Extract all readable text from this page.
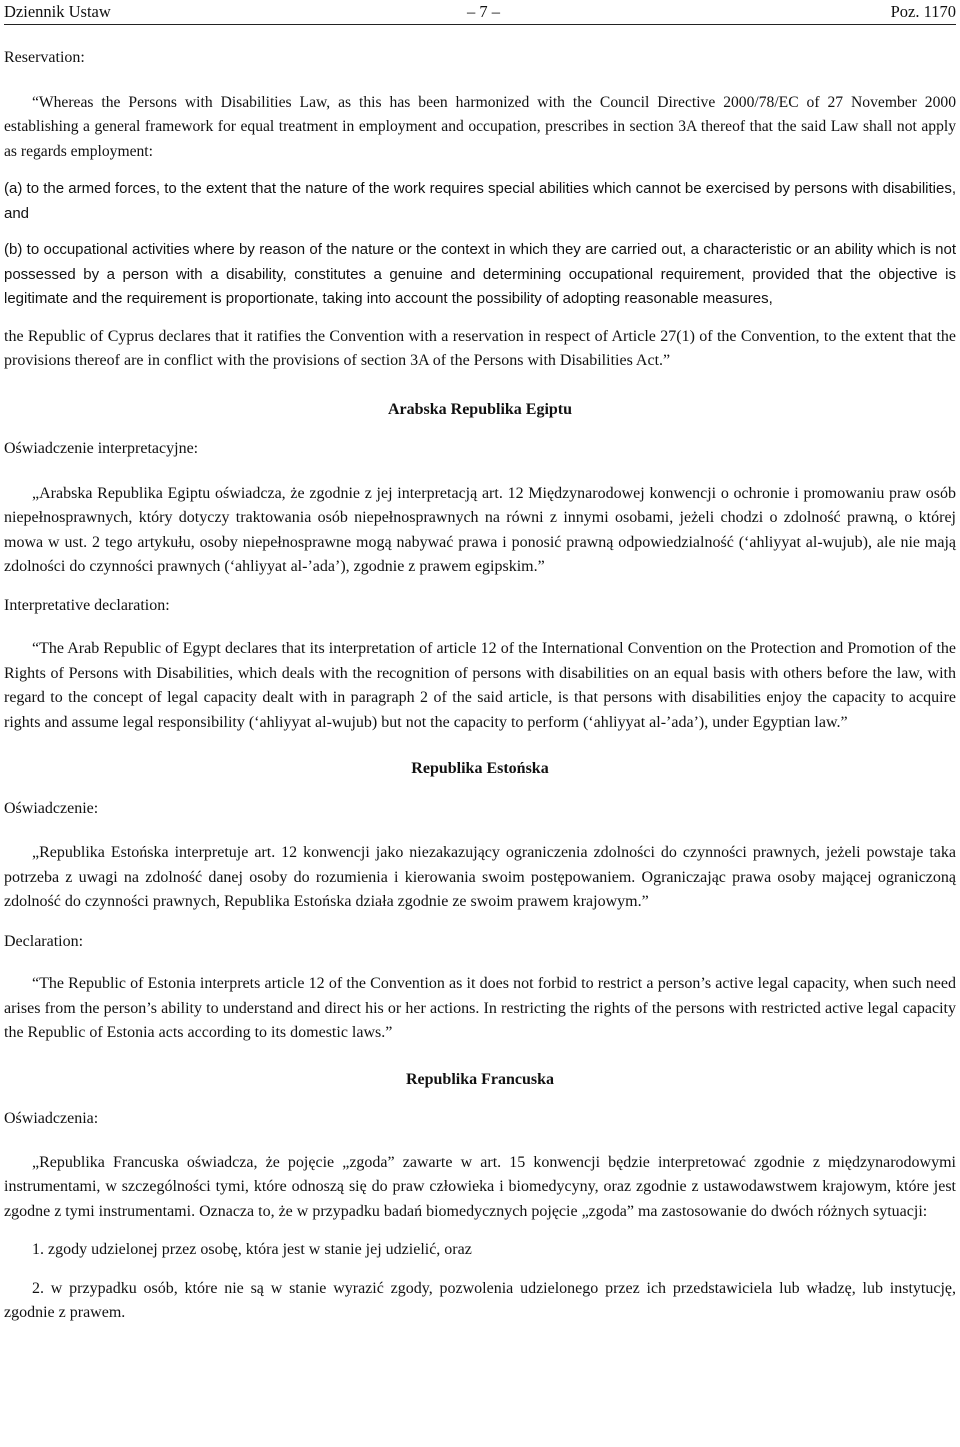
Dziennik Ustaw	– 7 –	Poz. 1170

Reservation:

“Whereas the Persons with Disabilities Law, as this has been harmonized with the Council Directive 2000/78/EC of 27 November 2000 establishing a general framework for equal treatment in employment and occupation, prescribes in section 3A thereof that the said Law shall not apply as regards employment:

(a) to the armed forces, to the extent that the nature of the work requires special abilities which cannot be exercised by persons with disabilities, and

(b) to occupational activities where by reason of the nature or the context in which they are carried out, a characteristic or an ability which is not possessed by a person with a disability, constitutes a genuine and determining occupational requirement, provided that the objective is legitimate and the requirement is proportionate, taking into account the possibility of adopting reasonable measures,

the Republic of Cyprus declares that it ratifies the Convention with a reservation in respect of Article 27(1) of the Convention, to the extent that the provisions thereof are in conflict with the provisions of section 3A of the Persons with Disabilities Act.”

Arabska Republika Egiptu

Oświadczenie interpretacyjne:

„Arabska Republika Egiptu oświadcza, że zgodnie z jej interpretacją art. 12 Międzynarodowej konwencji o ochronie i promowaniu praw osób niepełnosprawnych, który dotyczy traktowania osób niepełnosprawnych na równi z innymi osobami, jeżeli chodzi o zdolność prawną, o której mowa w ust. 2 tego artykułu, osoby niepełnosprawne mogą nabywać prawa i ponosić prawną odpowiedzialność (‘ahliyyat al-wujub), ale nie mają zdolności do czynności prawnych (‘ahliyyat al-’ada’), zgodnie z prawem egipskim.”

Interpretative declaration:

“The Arab Republic of Egypt declares that its interpretation of article 12 of the International Convention on the Protection and Promotion of the Rights of Persons with Disabilities, which deals with the recognition of persons with disabilities on an equal basis with others before the law, with regard to the concept of legal capacity dealt with in paragraph 2 of the said article, is that persons with disabilities enjoy the capacity to acquire rights and assume legal responsibility (‘ahliyyat al-wujub) but not the capacity to perform (‘ahliyyat al-’ada’), under Egyptian law.”

Republika Estońska

Oświadczenie:

„Republika Estońska interpretuje art. 12 konwencji jako niezakazujący ograniczenia zdolności do czynności prawnych, jeżeli powstaje taka potrzeba z uwagi na zdolność danej osoby do rozumienia i kierowania swoim postępowaniem. Ograniczając prawa osoby mającej ograniczoną zdolność do czynności prawnych, Republika Estońska działa zgodnie ze swoim prawem krajowym.”

Declaration:

“The Republic of Estonia interprets article 12 of the Convention as it does not forbid to restrict a person’s active legal capacity, when such need arises from the person’s ability to understand and direct his or her actions. In restricting the rights of the persons with restricted active legal capacity the Republic of Estonia acts according to its domestic laws.”

Republika Francuska

Oświadczenia:

„Republika Francuska oświadcza, że pojęcie „zgoda” zawarte w art. 15 konwencji będzie interpretować zgodnie z międzynarodowymi instrumentami, w szczególności tymi, które odnoszą się do praw człowieka i biomedycyny, oraz zgodnie z ustawodawstwem krajowym, które jest zgodne z tymi instrumentami. Oznacza to, że w przypadku badań biomedycznych pojęcie „zgoda” ma zastosowanie do dwóch różnych sytuacji:

1. zgody udzielonej przez osobę, która jest w stanie jej udzielić, oraz

2. w przypadku osób, które nie są w stanie wyrazić zgody, pozwolenia udzielonego przez ich przedstawiciela lub władzę, lub instytucję, zgodnie z prawem.
